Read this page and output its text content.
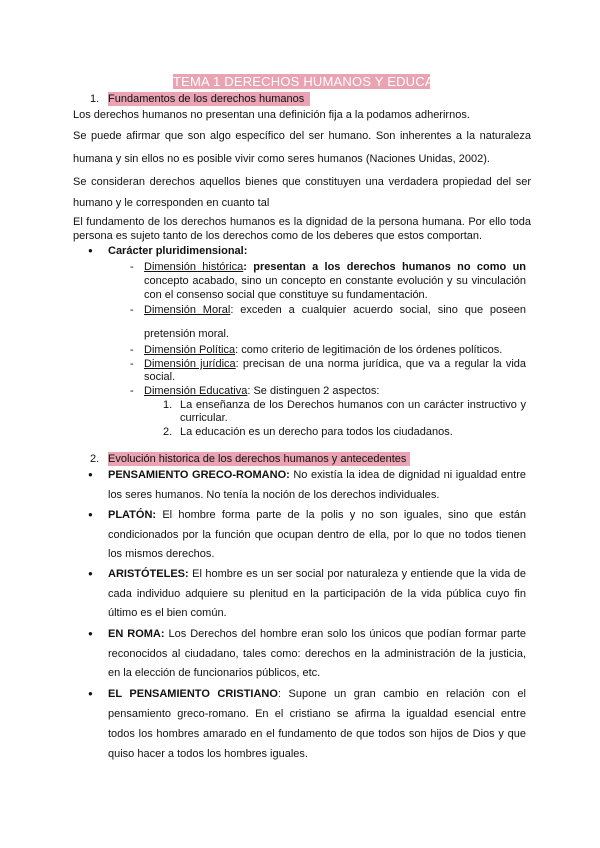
TEMA 1 DERECHOS HUMANOS Y EDUCACIÓN B.1
1. Fundamentos de los derechos humanos
Los derechos humanos no presentan una definición fija a la podamos adherirnos.
Se puede afirmar que son algo específico del ser humano. Son inherentes a la naturaleza
humana y sin ellos no es posible vivir como seres humanos (Naciones Unidas, 2002).
Se consideran derechos aquellos bienes que constituyen una verdadera propiedad del ser
humano y le corresponden en cuanto tal
El fundamento de los derechos humanos es la dignidad de la persona humana. Por ello toda
persona es sujeto tanto de los derechos como de los deberes que estos comportan.
● Carácter pluridimensional:
- Dimensión histórica: presentan a los derechos humanos no como un
concepto acabado, sino un concepto en constante evolución y su vinculación
con el consenso social que constituye su fundamentación.
- Dimensión Moral: exceden a cualquier acuerdo social, sino que poseen
pretensión moral.
- Dimensión Política: como criterio de legitimación de los órdenes políticos.
- Dimensión jurídica: precisan de una norma jurídica, que va a regular la vida
social.
- Dimensión Educativa: Se distinguen 2 aspectos:
1. La enseñanza de los Derechos humanos con un carácter instructivo y
curricular.
2. La educación es un derecho para todos los ciudadanos.
2. Evolución historica de los derechos humanos y antecedentes
● PENSAMIENTO GRECO-ROMANO: No existía la idea de dignidad ni igualdad entre
los seres humanos. No tenía la noción de los derechos individuales.
● PLATÓN: El hombre forma parte de la polis y no son iguales, sino que están
condicionados por la función que ocupan dentro de ella, por lo que no todos tienen
los mismos derechos.
● ARISTÓTELES: El hombre es un ser social por naturaleza y entiende que la vida de
cada individuo adquiere su plenitud en la participación de la vida pública cuyo fin
último es el bien común.
● EN ROMA: Los Derechos del hombre eran solo los únicos que podían formar parte
reconocidos al ciudadano, tales como: derechos en la administración de la justicia,
en la elección de funcionarios públicos, etc.
● EL PENSAMIENTO CRISTIANO: Supone un gran cambio en relación con el
pensamiento greco-romano. En el cristiano se afirma la igualdad esencial entre
todos los hombres amarado en el fundamento de que todos son hijos de Dios y que
quiso hacer a todos los hombres iguales.
